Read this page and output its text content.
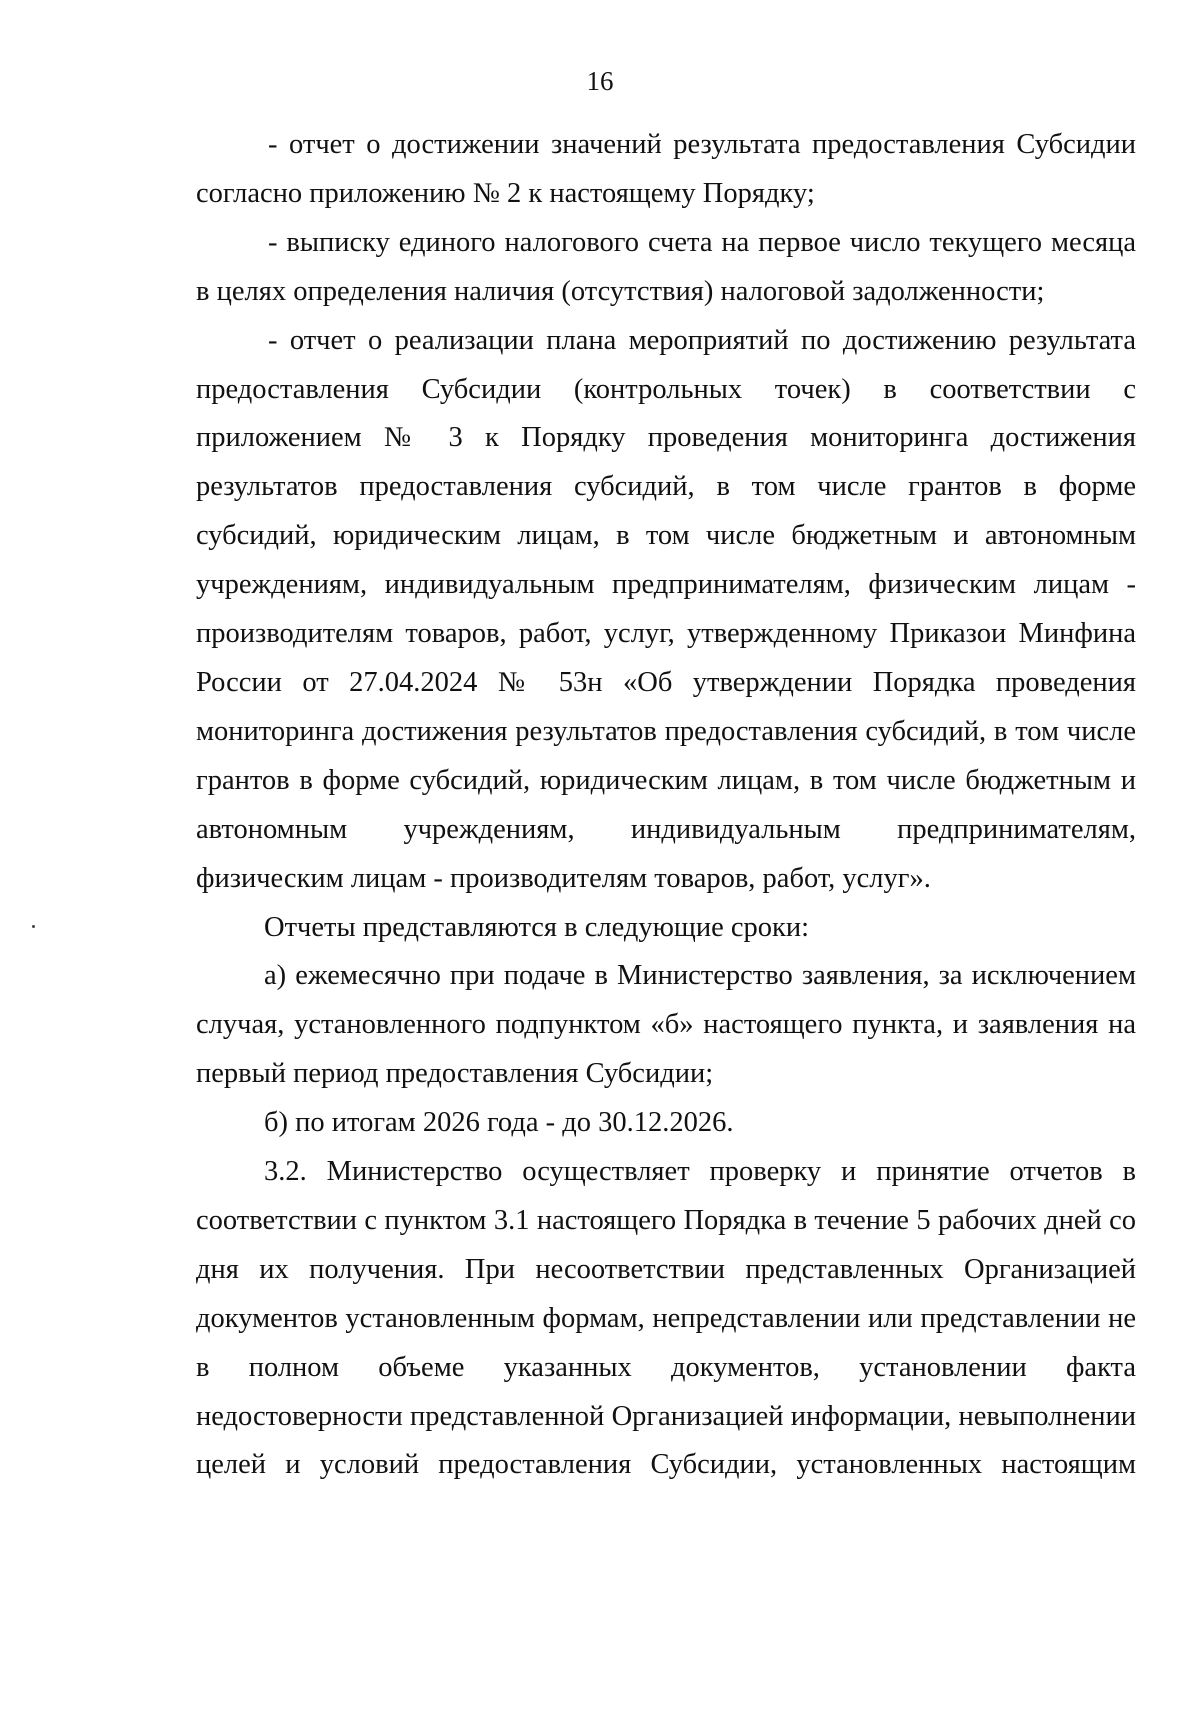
16

- отчет о достижении значений результата предоставления Субсидии согласно приложению № 2 к настоящему Порядку;

- выписку единого налогового счета на первое число текущего месяца в целях определения наличия (отсутствия) налоговой задолженности;

- отчет о реализации плана мероприятий по достижению результата предоставления Субсидии (контрольных точек) в соответствии с приложением № 3 к Порядку проведения мониторинга достижения результатов предоставления субсидий, в том числе грантов в форме субсидий, юридическим лицам, в том числе бюджетным и автономным учреждениям, индивидуальным предпринимателям, физическим лицам - производителям товаров, работ, услуг, утвержденному Приказои Минфина России от 27.04.2024 № 53н «Об утверждении Порядка проведения мониторинга достижения результатов предоставления субсидий, в том числе грантов в форме субсидий, юридическим лицам, в том числе бюджетным и автономным учреждениям, индивидуальным предпринимателям, физическим лицам - производителям товаров, работ, услуг».

Отчеты представляются в следующие сроки:

а) ежемесячно при подаче в Министерство заявления, за исключением случая, установленного подпунктом «б» настоящего пункта, и заявления на первый период предоставления Субсидии;

б) по итогам 2026 года - до 30.12.2026.

3.2. Министерство осуществляет проверку и принятие отчетов в соответствии с пунктом 3.1 настоящего Порядка в течение 5 рабочих дней со дня их получения. При несоответствии представленных Организацией документов установленным формам, непредставлении или представлении не в полном объеме указанных документов, установлении факта недостоверности представленной Организацией информации, невыполнении целей и условий предоставления Субсидии, установленных настоящим
